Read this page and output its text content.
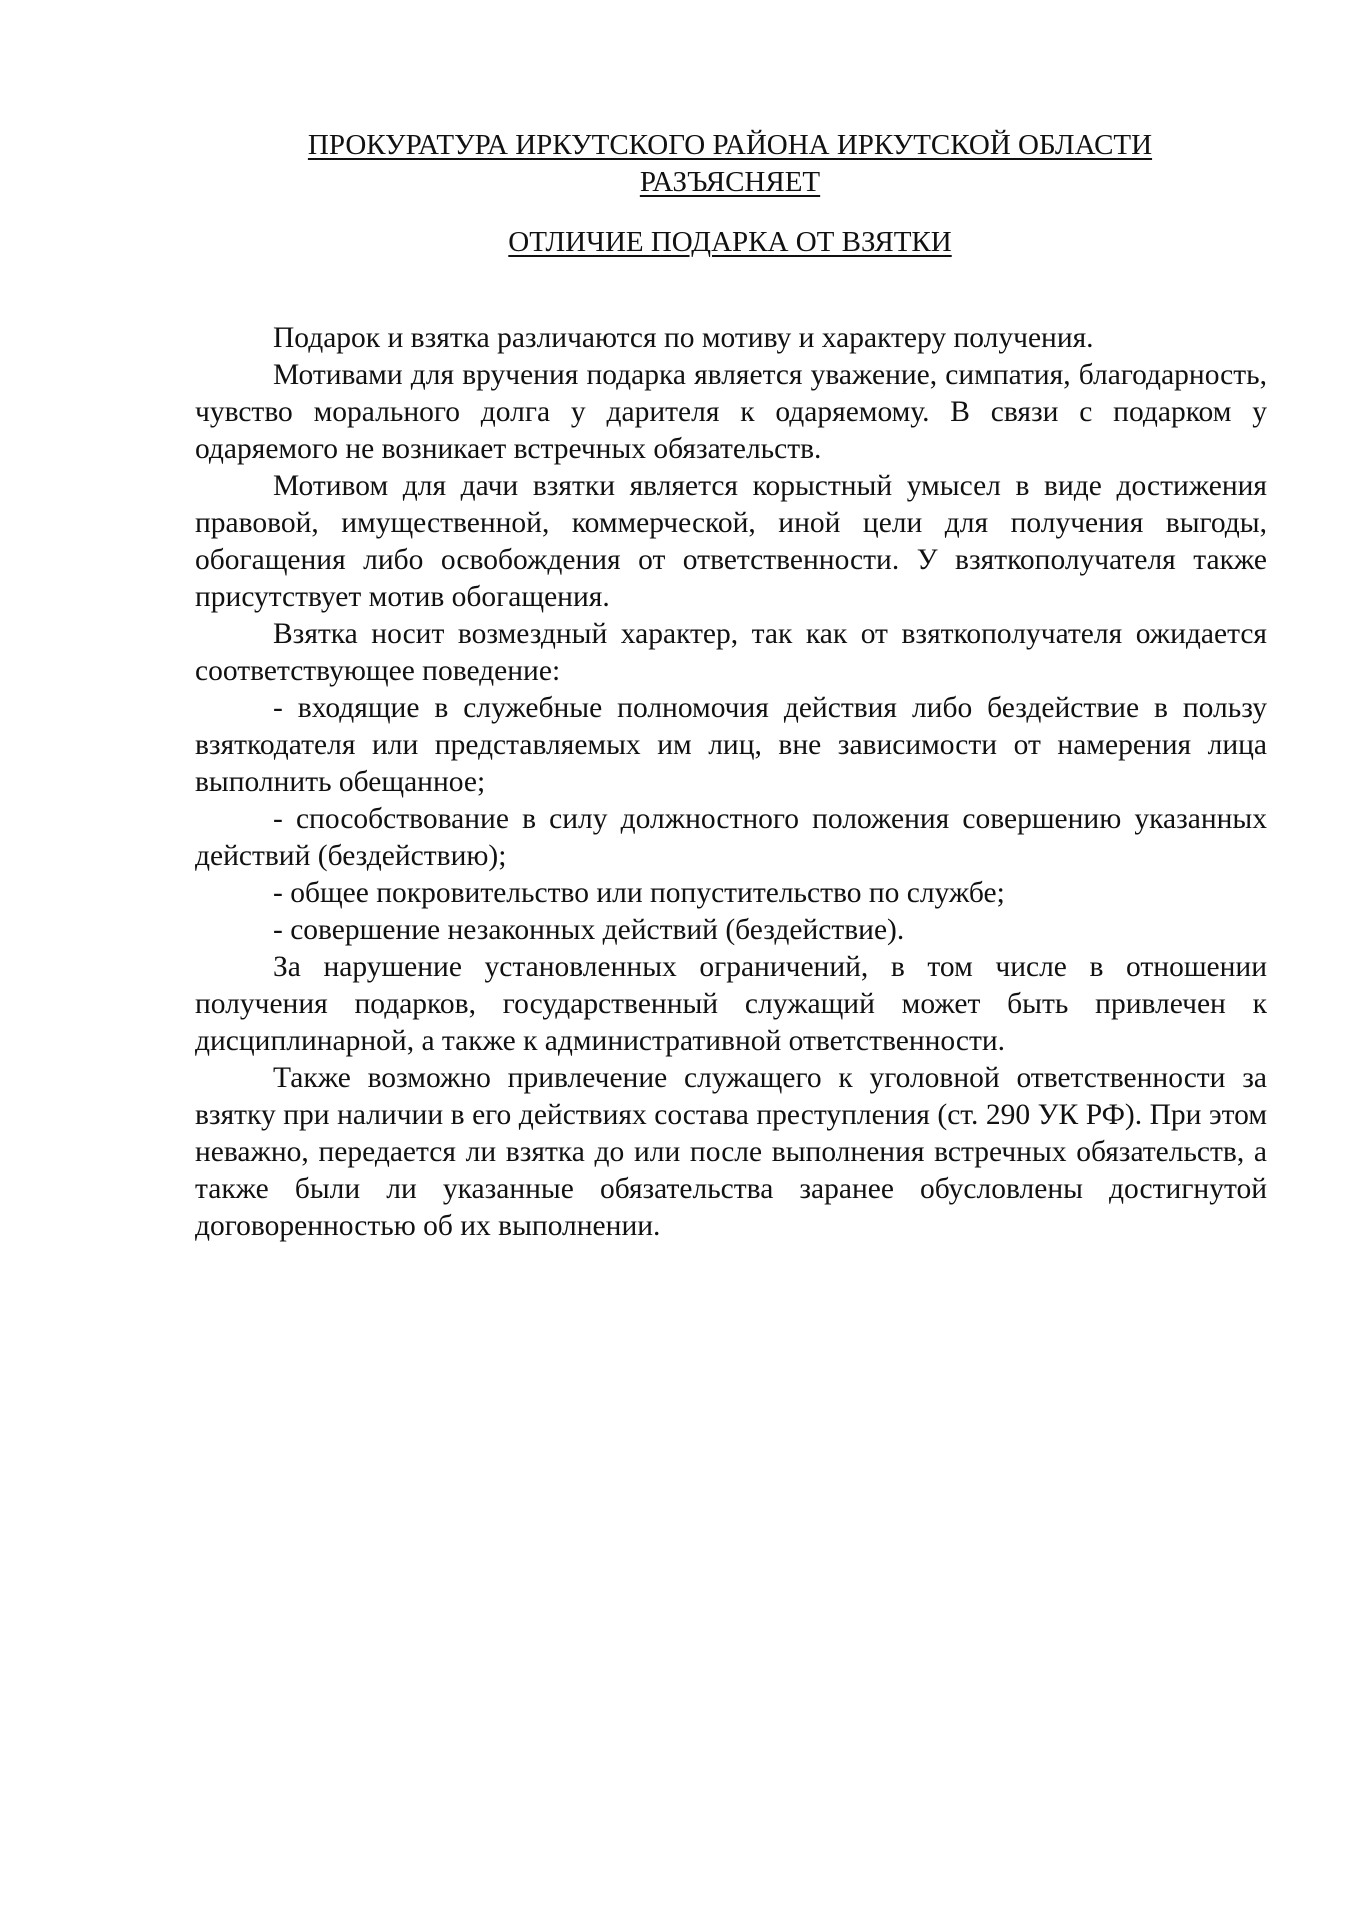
ПРОКУРАТУРА ИРКУТСКОГО РАЙОНА ИРКУТСКОЙ ОБЛАСТИ
РАЗЪЯСНЯЕТ
ОТЛИЧИЕ ПОДАРКА ОТ ВЗЯТКИ

Подарок и взятка различаются по мотиву и характеру получения.

Мотивами для вручения подарка является уважение, симпатия, благодарность, чувство морального долга у дарителя к одаряемому. В связи с подарком у одаряемого не возникает встречных обязательств.

Мотивом для дачи взятки является корыстный умысел в виде достижения правовой, имущественной, коммерческой, иной цели для получения выгоды, обогащения либо освобождения от ответственности. У взяткополучателя также присутствует мотив обогащения.

Взятка носит возмездный характер, так как от взяткополучателя ожидается соответствующее поведение:

- входящие в служебные полномочия действия либо бездействие в пользу взяткодателя или представляемых им лиц, вне зависимости от намерения лица выполнить обещанное;

- способствование в силу должностного положения совершению указанных действий (бездействию);

- общее покровительство или попустительство по службе;

- совершение незаконных действий (бездействие).

За нарушение установленных ограничений, в том числе в отношении получения подарков, государственный служащий может быть привлечен к дисциплинарной, а также к административной ответственности.

Также возможно привлечение служащего к уголовной ответственности за взятку при наличии в его действиях состава преступления (ст. 290 УК РФ). При этом неважно, передается ли взятка до или после выполнения встречных обязательств, а также были ли указанные обязательства заранее обусловлены достигнутой договоренностью об их выполнении.
